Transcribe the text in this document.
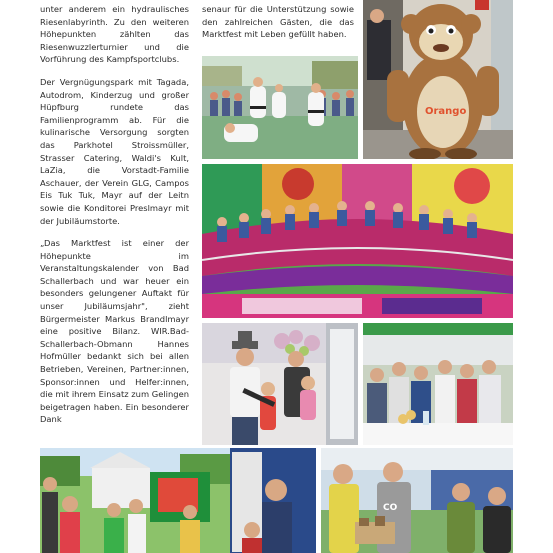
unter anderem ein hydraulisches Riesenlabyrinth. Zu den weiteren Höhepunkten zählten das Riesenwuzzlerturnier und die Vorführung des Kampfsportclubs.

Der Vergnügungspark mit Tagada, Autodrom, Kinderzug und großer Hüpfburg rundete das Familienprogramm ab. Für die kulinarische Versorgung sorgten das Parkhotel Stroissmüller, Strasser Catering, Waldi's Kult, LaZia, die Vorstadt-Familie Aschauer, der Verein GLG, Campos Eis Tuk Tuk, Mayr auf der Leitn sowie die Konditorei Preslmayr mit der Jubiläumstorte.

„Das Marktfest ist einer der Höhepunkte im Veranstaltungskalender von Bad Schallerbach und war heuer ein besonders gelungener Auftakt für unser Jubiläumsjahr", zieht Bürgermeister Markus Brandlmayr eine positive Bilanz. WIR.Bad-Schallerbach-Obmann Hannes Hofmüller bedankt sich bei allen Betrieben, Vereinen, Partner:innen, Sponsor:innen und Helfer:innen, die mit ihrem Einsatz zum Gelingen beigetragen haben. Ein besonderer Dank

senaur für die Unterstützung sowie den zahlreichen Gästen, die das Marktfest mit Leben gefüllt haben.

Orango
CO
